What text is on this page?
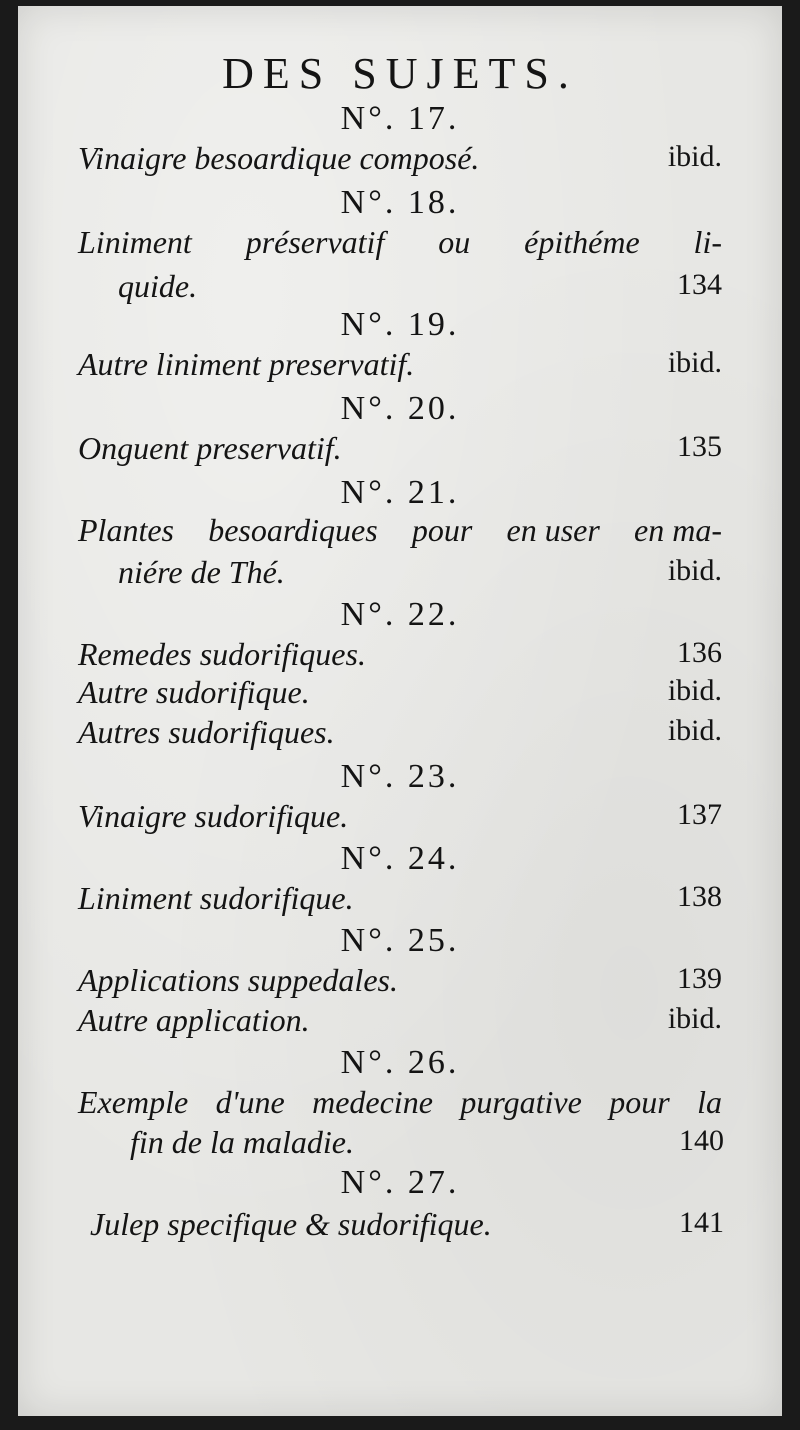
DES SUJETS.
N°. 17.
Vinaigre besoardique composé.	ibid.
N°. 18.
Liniment préservatif ou épithéme li-
quide.	134
N°. 19.
Autre liniment preservatif.	ibid.
N°. 20.
Onguent preservatif.	135
N°. 21.
Plantes besoardiques pour en user en ma-
niére de Thé.	ibid.
N°. 22.
Remedes sudorifiques.	136
Autre sudorifique.	ibid.
Autres sudorifiques.	ibid.
N°. 23.
Vinaigre sudorifique.	137
N°. 24.
Liniment sudorifique.	138
N°. 25.
Applications suppedales.	139
Autre application.	ibid.
N°. 26.
Exemple d'une medecine purgative pour la
fin de la maladie.	140
N°. 27.
Julep specifique & sudorifique.	141
